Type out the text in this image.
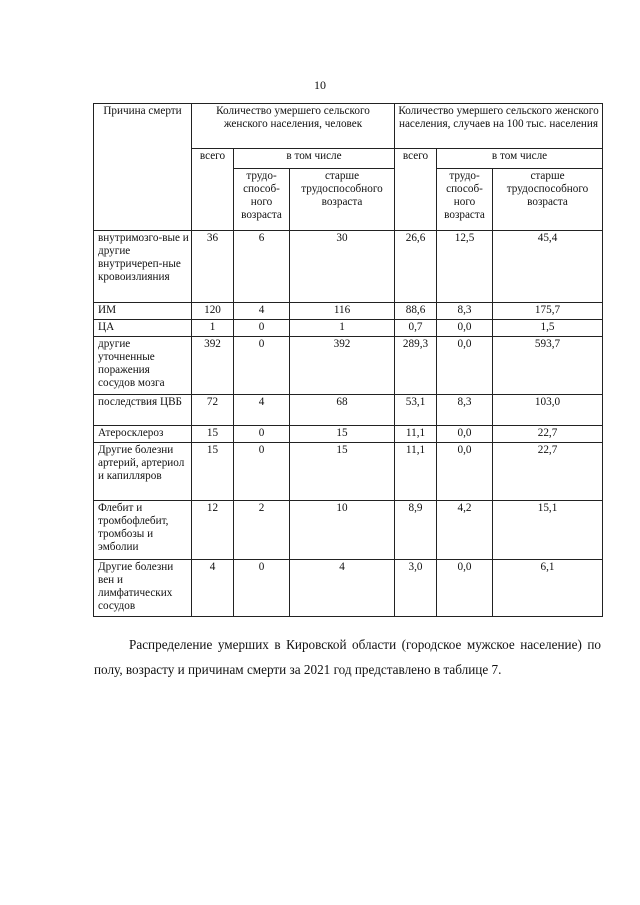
10
Причина смерти	Количество умершего сельского женского населения, человек			Количество умершего сельского женского населения, случаев на 100 тыс. населения		
	всего	в том числе		всего	в том числе	
		трудо-способ-ного возраста	старше трудоспособного возраста		трудо-способ-ного возраста	старше трудоспособного возраста
внутримозго-вые и другие внутричереп-ные кровоизлияния	36	6	30	26,6	12,5	45,4
ИМ	120	4	116	88,6	8,3	175,7
ЦА	1	0	1	0,7	0,0	1,5
другие уточненные поражения сосудов мозга	392	0	392	289,3	0,0	593,7
последствия ЦВБ	72	4	68	53,1	8,3	103,0
Атеросклероз	15	0	15	11,1	0,0	22,7
Другие болезни артерий, артериол и капилляров	15	0	15	11,1	0,0	22,7
Флебит и тромбофлебит, тромбозы и эмболии	12	2	10	8,9	4,2	15,1
Другие болезни вен и лимфатических сосудов	4	0	4	3,0	0,0	6,1

Распределение умерших в Кировской области (городское мужское население) по полу, возрасту и причинам смерти за 2021 год представлено в таблице 7.
